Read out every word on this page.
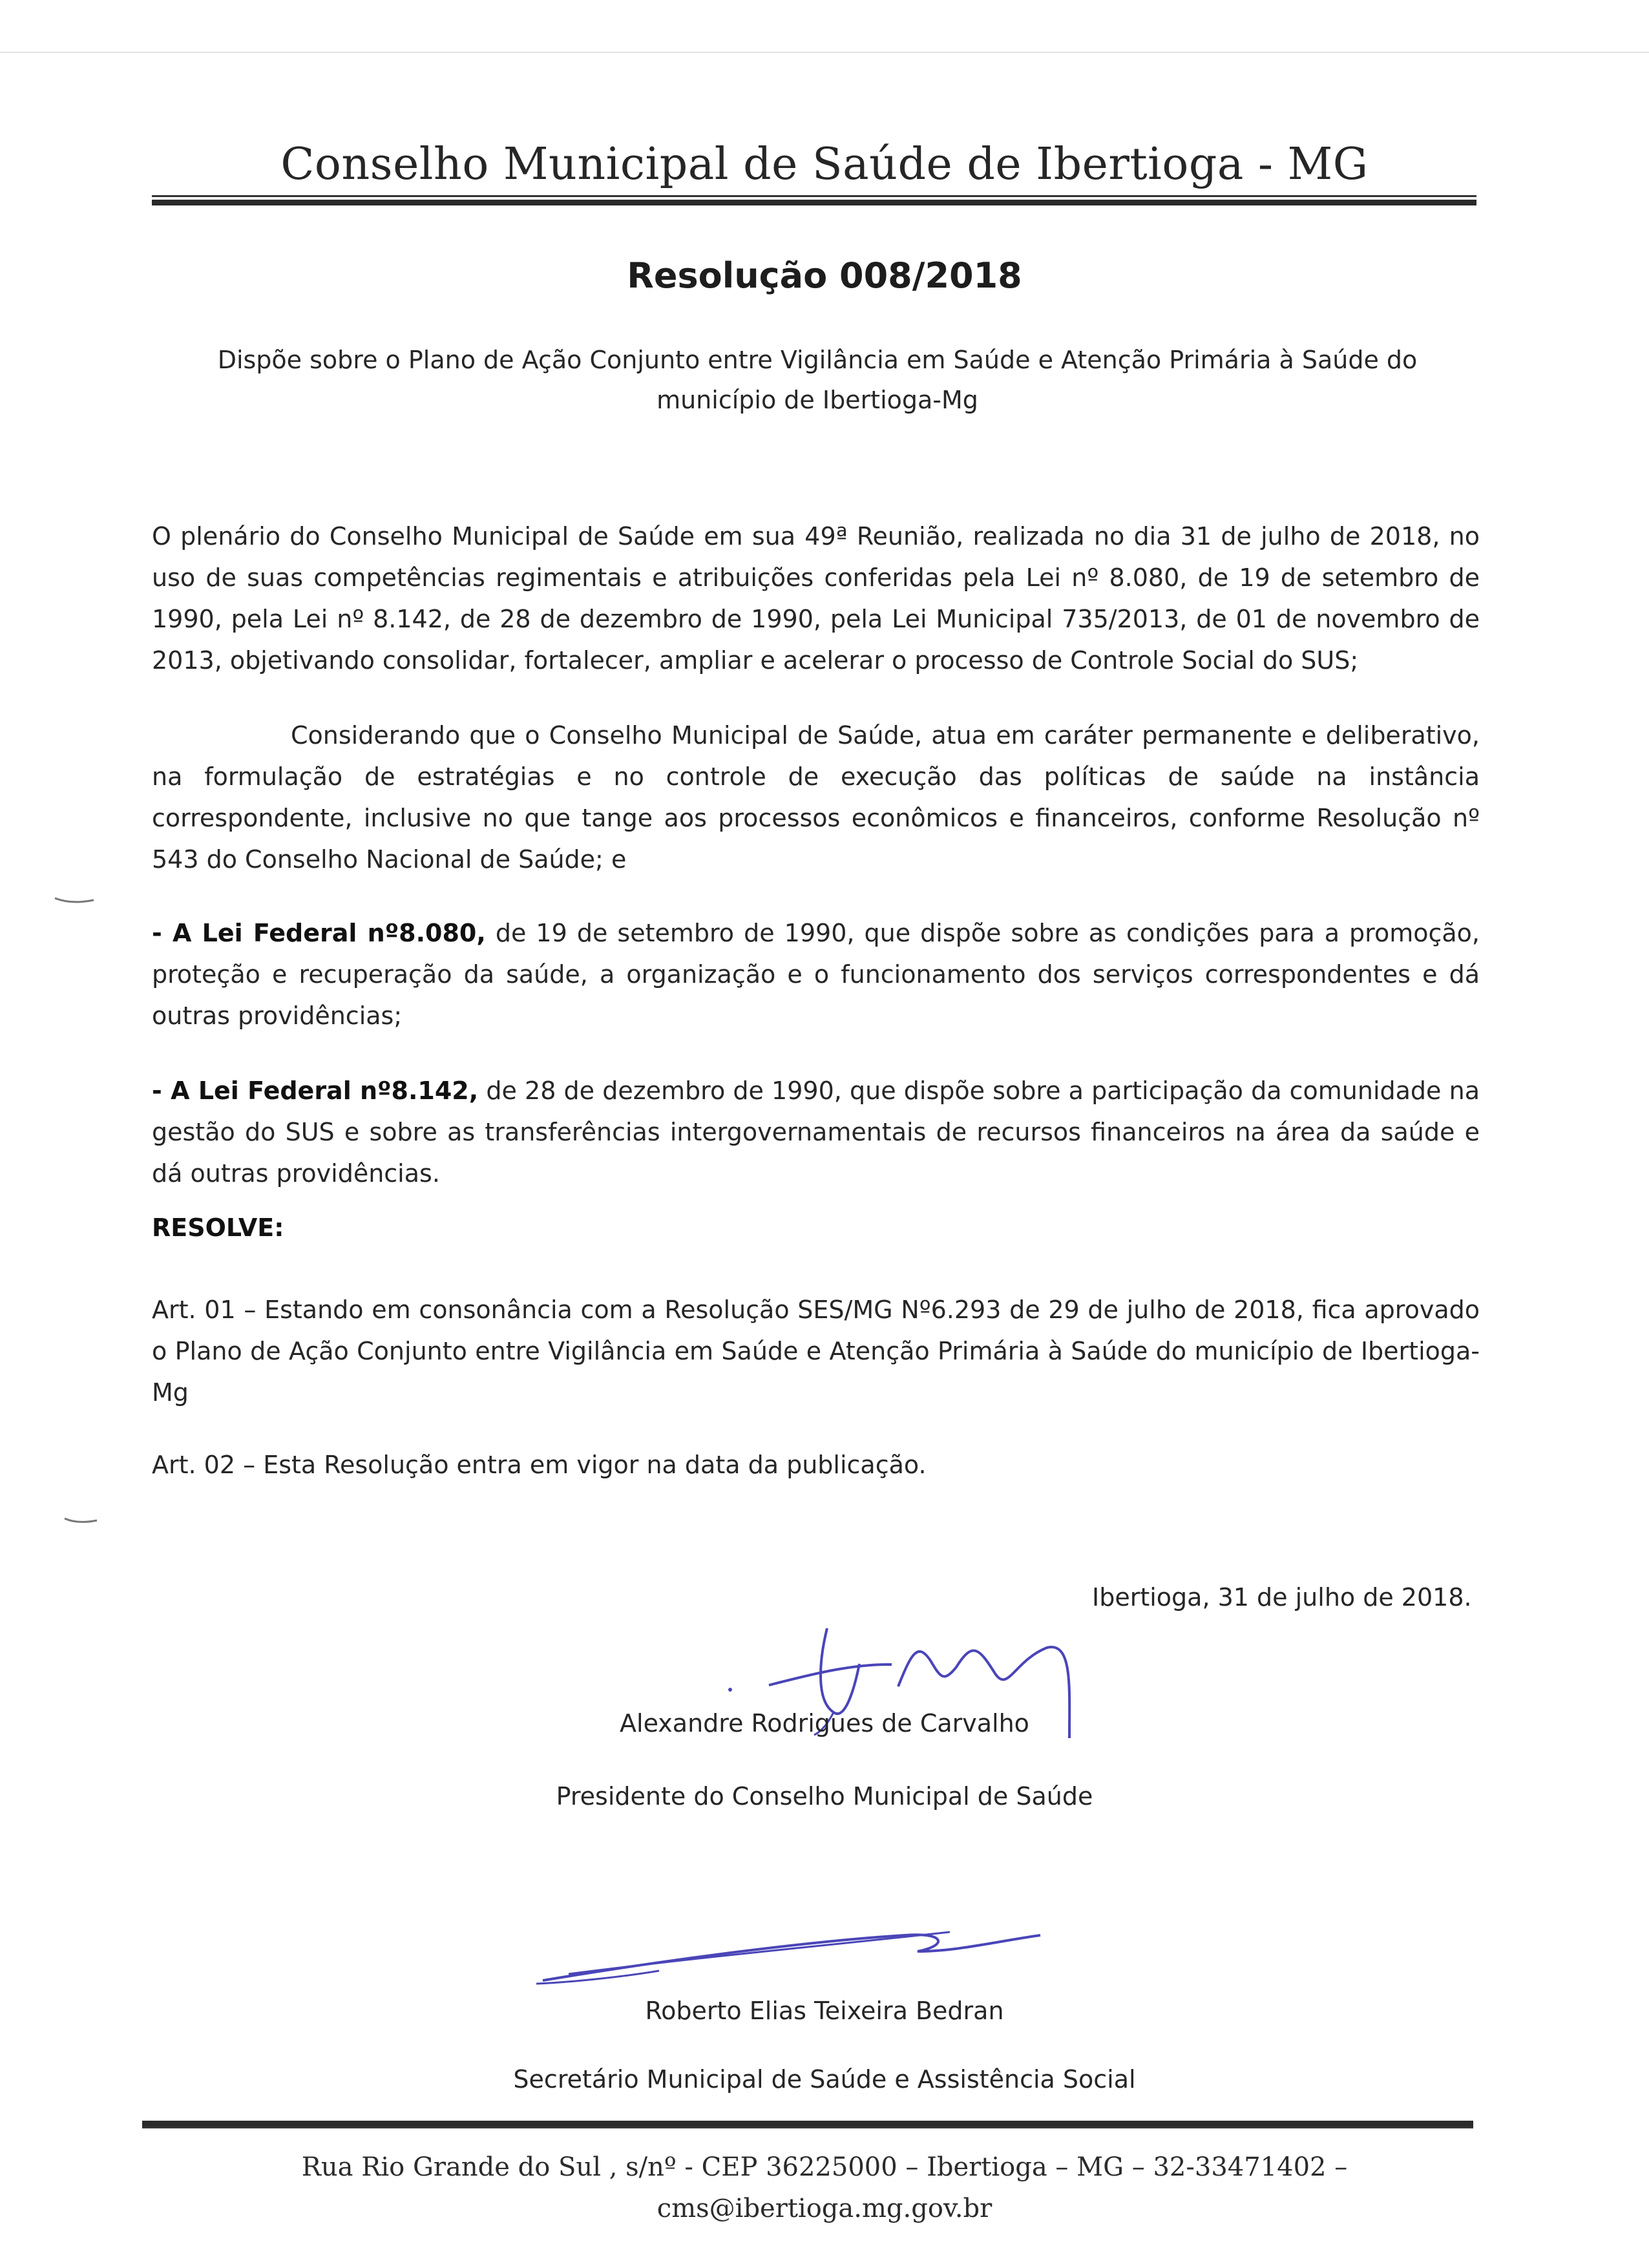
Conselho Municipal de Saúde de Ibertioga - MG
Resolução 008/2018
Dispõe sobre o Plano de Ação Conjunto entre Vigilância em Saúde e Atenção Primária à Saúde do município de Ibertioga-Mg
O plenário do Conselho Municipal de Saúde em sua 49ª Reunião, realizada no dia 31 de julho de 2018, no uso de suas competências regimentais e atribuições conferidas pela Lei nº 8.080, de 19 de setembro de 1990, pela Lei nº 8.142, de 28 de dezembro de 1990, pela Lei Municipal 735/2013, de 01 de novembro de 2013, objetivando consolidar, fortalecer, ampliar e acelerar o processo de Controle Social do SUS;
Considerando que o Conselho Municipal de Saúde, atua em caráter permanente e deliberativo, na formulação de estratégias e no controle de execução das políticas de saúde na instância correspondente, inclusive no que tange aos processos econômicos e financeiros, conforme Resolução nº 543 do Conselho Nacional de Saúde; e
- A Lei Federal nº8.080, de 19 de setembro de 1990, que dispõe sobre as condições para a promoção, proteção e recuperação da saúde, a organização e o funcionamento dos serviços correspondentes e dá outras providências;
- A Lei Federal nº8.142, de 28 de dezembro de 1990, que dispõe sobre a participação da comunidade na gestão do SUS e sobre as transferências intergovernamentais de recursos financeiros na área da saúde e dá outras providências.
RESOLVE:
Art. 01 – Estando em consonância com a Resolução SES/MG Nº6.293 de 29 de julho de 2018, fica aprovado o Plano de Ação Conjunto entre Vigilância em Saúde e Atenção Primária à Saúde do município de Ibertioga-Mg
Art. 02 – Esta Resolução entra em vigor na data da publicação.
Ibertioga, 31 de julho de 2018.
Alexandre Rodrigues de Carvalho
Presidente do Conselho Municipal de Saúde
Roberto Elias Teixeira Bedran
Secretário Municipal de Saúde e Assistência Social
Rua Rio Grande do Sul , s/nº - CEP 36225000 – Ibertioga – MG – 32-33471402 –
cms@ibertioga.mg.gov.br
